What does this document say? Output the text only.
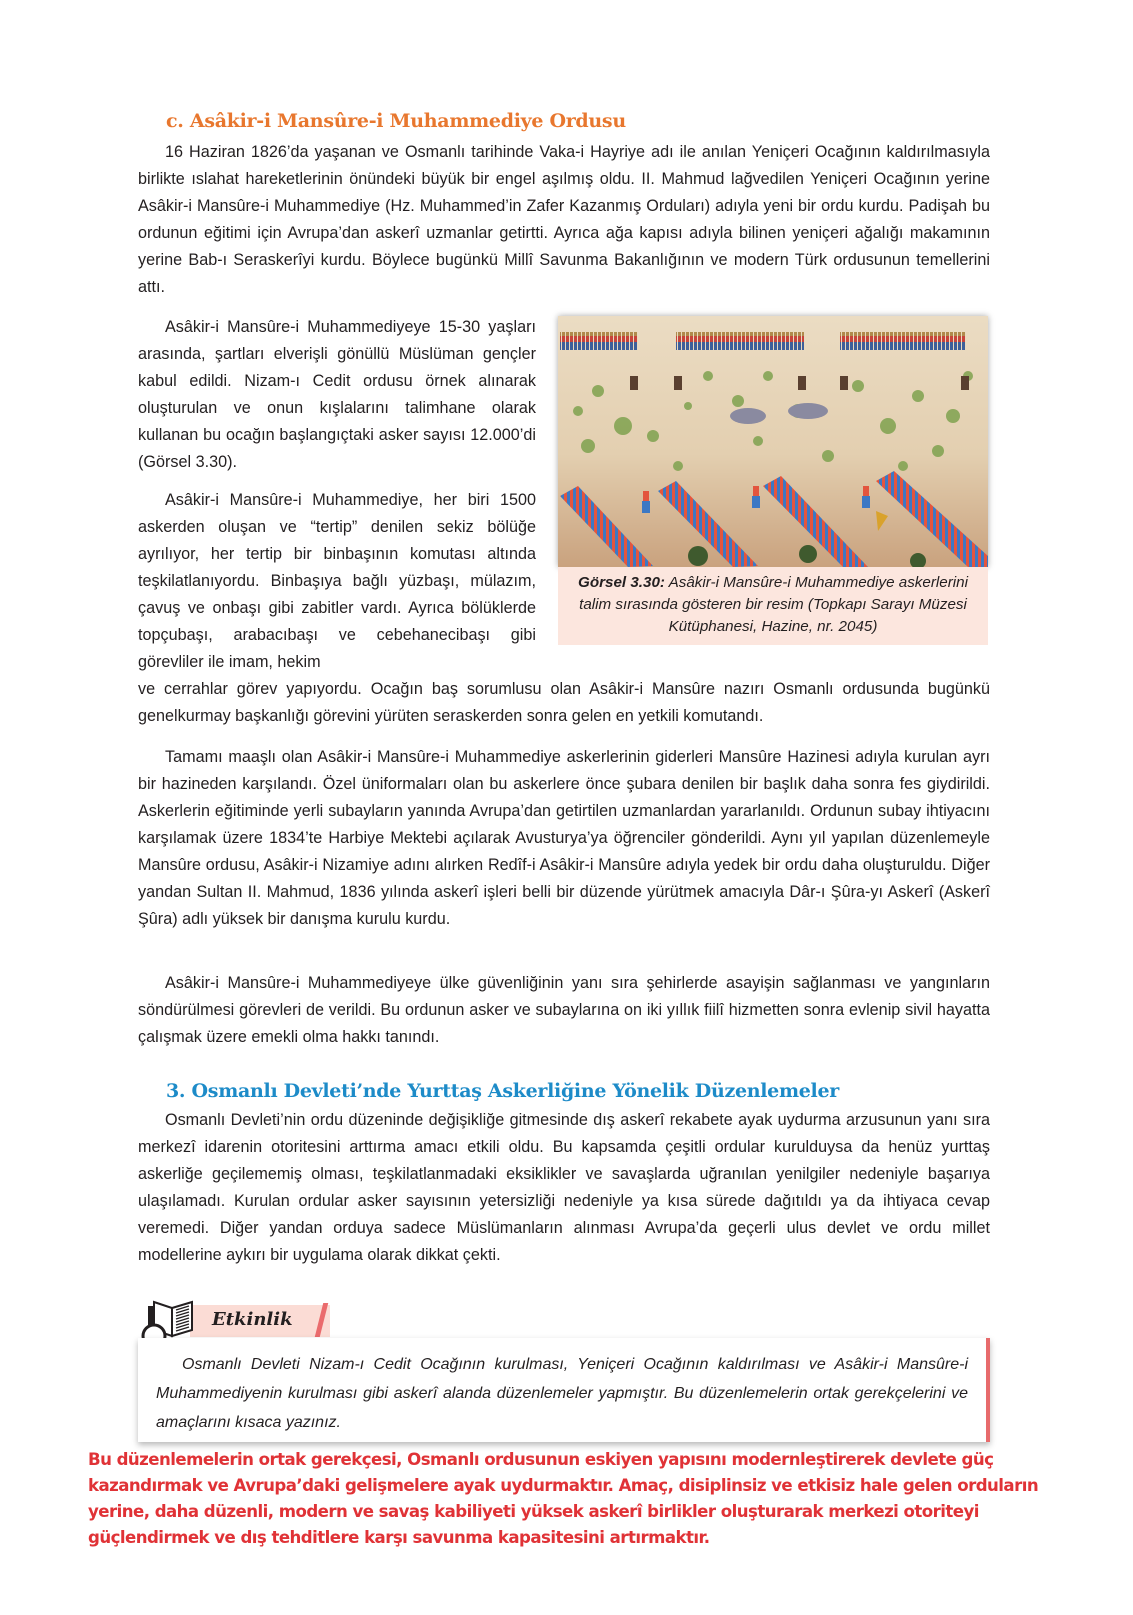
c. Asâkir-i Mansûre-i Muhammediye Ordusu
16 Haziran 1826’da yaşanan ve Osmanlı tarihinde Vaka-i Hayriye adı ile anılan Yeniçeri Ocağının kaldırılmasıyla birlikte ıslahat hareketlerinin önündeki büyük bir engel aşılmış oldu. II. Mahmud lağvedilen Yeniçeri Ocağının yerine Asâkir-i Mansûre-i Muhammediye (Hz. Muhammed’in Zafer Kazanmış Orduları) adıyla yeni bir ordu kurdu. Padişah bu ordunun eğitimi için Avrupa’dan askerî uzmanlar getirtti. Ayrıca ağa kapısı adıyla bilinen yeniçeri ağalığı makamının yerine Bab-ı Seraskerîyi kurdu. Böylece bugünkü Millî Savunma Bakanlığının ve modern Türk ordusunun temellerini attı.
Asâkir-i Mansûre-i Muhammediyeye 15-30 yaşları arasında, şartları elverişli gönüllü Müslüman gençler kabul edildi. Nizam-ı Cedit ordusu örnek alınarak oluşturulan ve onun kışlalarını talimhane olarak kullanan bu ocağın başlangıçtaki asker sayısı 12.000’di (Görsel 3.30).
Asâkir-i Mansûre-i Muhammediye, her biri 1500 askerden oluşan ve “tertip” denilen sekiz bölüğe ayrılıyor, her tertip bir binbaşının komutası altında teşkilatlanıyordu. Binbaşıya bağlı yüzbaşı, mülazım, çavuş ve onbaşı gibi zabitler vardı. Ayrıca bölüklerde topçubaşı, arabacıbaşı ve cebehanecibaşı gibi görevliler ile imam, hekim
ve cerrahlar görev yapıyordu. Ocağın baş sorumlusu olan Asâkir-i Mansûre nazırı Osmanlı ordusunda bugünkü genelkurmay başkanlığı görevini yürüten seraskerden sonra gelen en yetkili komutandı.
Tamamı maaşlı olan Asâkir-i Mansûre-i Muhammediye askerlerinin giderleri Mansûre Hazinesi adıyla kurulan ayrı bir hazineden karşılandı. Özel üniformaları olan bu askerlere önce şubara denilen bir başlık daha sonra fes giydirildi. Askerlerin eğitiminde yerli subayların yanında Avrupa’dan getirtilen uzmanlardan yararlanıldı. Ordunun subay ihtiyacını karşılamak üzere 1834’te Harbiye Mektebi açılarak Avusturya’ya öğrenciler gönderildi. Aynı yıl yapılan düzenlemeyle Mansûre ordusu, Asâkir-i Nizamiye adını alırken Redîf-i Asâkir-i Mansûre adıyla yedek bir ordu daha oluşturuldu. Diğer yandan Sultan II. Mahmud, 1836 yılında askerî işleri belli bir düzende yürütmek amacıyla Dâr-ı Şûra-yı Askerî (Askerî Şûra) adlı yüksek bir danışma kurulu kurdu.
Asâkir-i Mansûre-i Muhammediyeye ülke güvenliğinin yanı sıra şehirlerde asayişin sağlanması ve yangınların söndürülmesi görevleri de verildi. Bu ordunun asker ve subaylarına on iki yıllık fiilî hizmetten sonra evlenip sivil hayatta çalışmak üzere emekli olma hakkı tanındı.
Görsel 3.30: Asâkir-i Mansûre-i Muhammediye askerlerini talim sırasında gösteren bir resim (Topkapı Sarayı Müzesi Kütüphanesi, Hazine, nr. 2045)
3. Osmanlı Devleti’nde Yurttaş Askerliğine Yönelik Düzenlemeler
Osmanlı Devleti’nin ordu düzeninde değişikliğe gitmesinde dış askerî rekabete ayak uydurma arzusunun yanı sıra merkezî idarenin otoritesini arttırma amacı etkili oldu. Bu kapsamda çeşitli ordular kurulduysa da henüz yurttaş askerliğe geçilememiş olması, teşkilatlanmadaki eksiklikler ve savaşlarda uğranılan yenilgiler nedeniyle başarıya ulaşılamadı. Kurulan ordular asker sayısının yetersizliği nedeniyle ya kısa sürede dağıtıldı ya da ihtiyaca cevap veremedi. Diğer yandan orduya sadece Müslümanların alınması Avrupa’da geçerli ulus devlet ve ordu millet modellerine aykırı bir uygulama olarak dikkat çekti.
Etkinlik
Osmanlı Devleti Nizam-ı Cedit Ocağının kurulması, Yeniçeri Ocağının kaldırılması ve Asâkir-i Mansûre-i Muhammediyenin kurulması gibi askerî alanda düzenlemeler yapmıştır. Bu düzenlemelerin ortak gerekçelerini ve amaçlarını kısaca yazınız.
Bu düzenlemelerin ortak gerekçesi, Osmanlı ordusunun eskiyen yapısını modernleştirerek devlete güç kazandırmak ve Avrupa’daki gelişmelere ayak uydurmaktır. Amaç, disiplinsiz ve etkisiz hale gelen orduların yerine, daha düzenli, modern ve savaş kabiliyeti yüksek askerî birlikler oluşturarak merkezi otoriteyi güçlendirmek ve dış tehditlere karşı savunma kapasitesini artırmaktır.
